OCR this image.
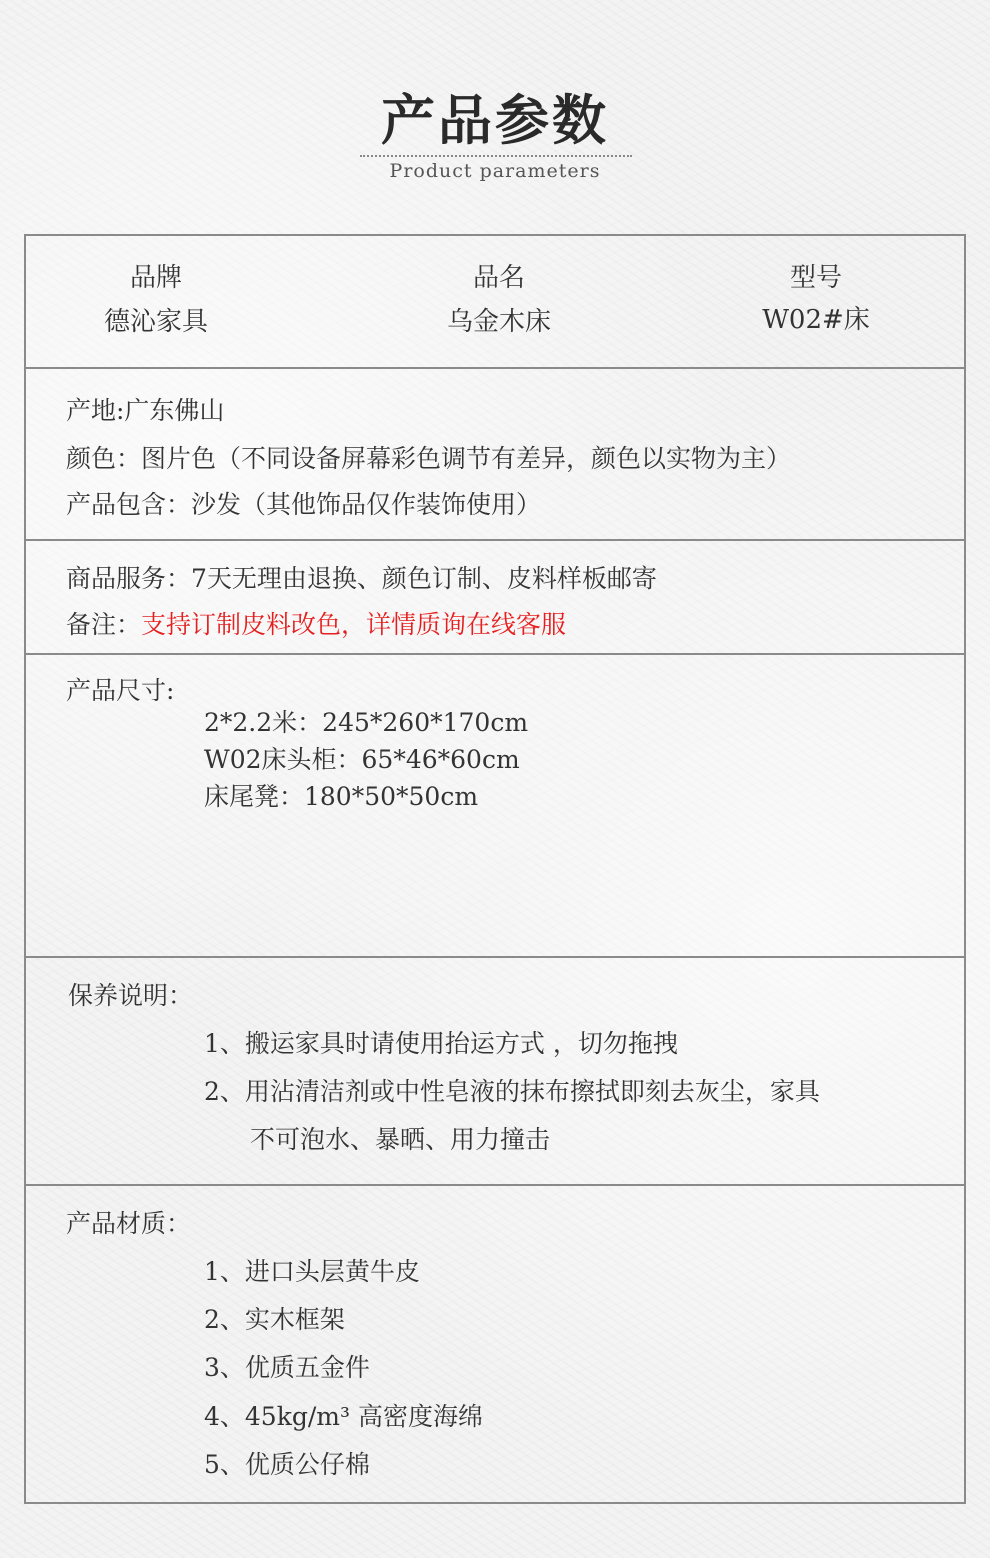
产品参数
Product parameters
品牌
德沁家具
品名
乌金木床
型号
W02#床
产地:广东佛山
颜色：图片色（不同设备屏幕彩色调节有差异，颜色以实物为主）
产品包含：沙发（其他饰品仅作装饰使用）
商品服务：7天无理由退换、颜色订制、皮料样板邮寄
备注：支持订制皮料改色，详情质询在线客服
产品尺寸:
2*2.2米：245*260*170cm
W02床头柜：65*46*60cm
床尾凳：180*50*50cm
保养说明：
1、搬运家具时请使用抬运方式 ，切勿拖拽
2、用沾清洁剂或中性皂液的抹布擦拭即刻去灰尘，家具
不可泡水、暴晒、用力撞击
产品材质：
1、进口头层黄牛皮
2、实木框架
3、优质五金件
4、45kg/m³ 高密度海绵
5、优质公仔棉
